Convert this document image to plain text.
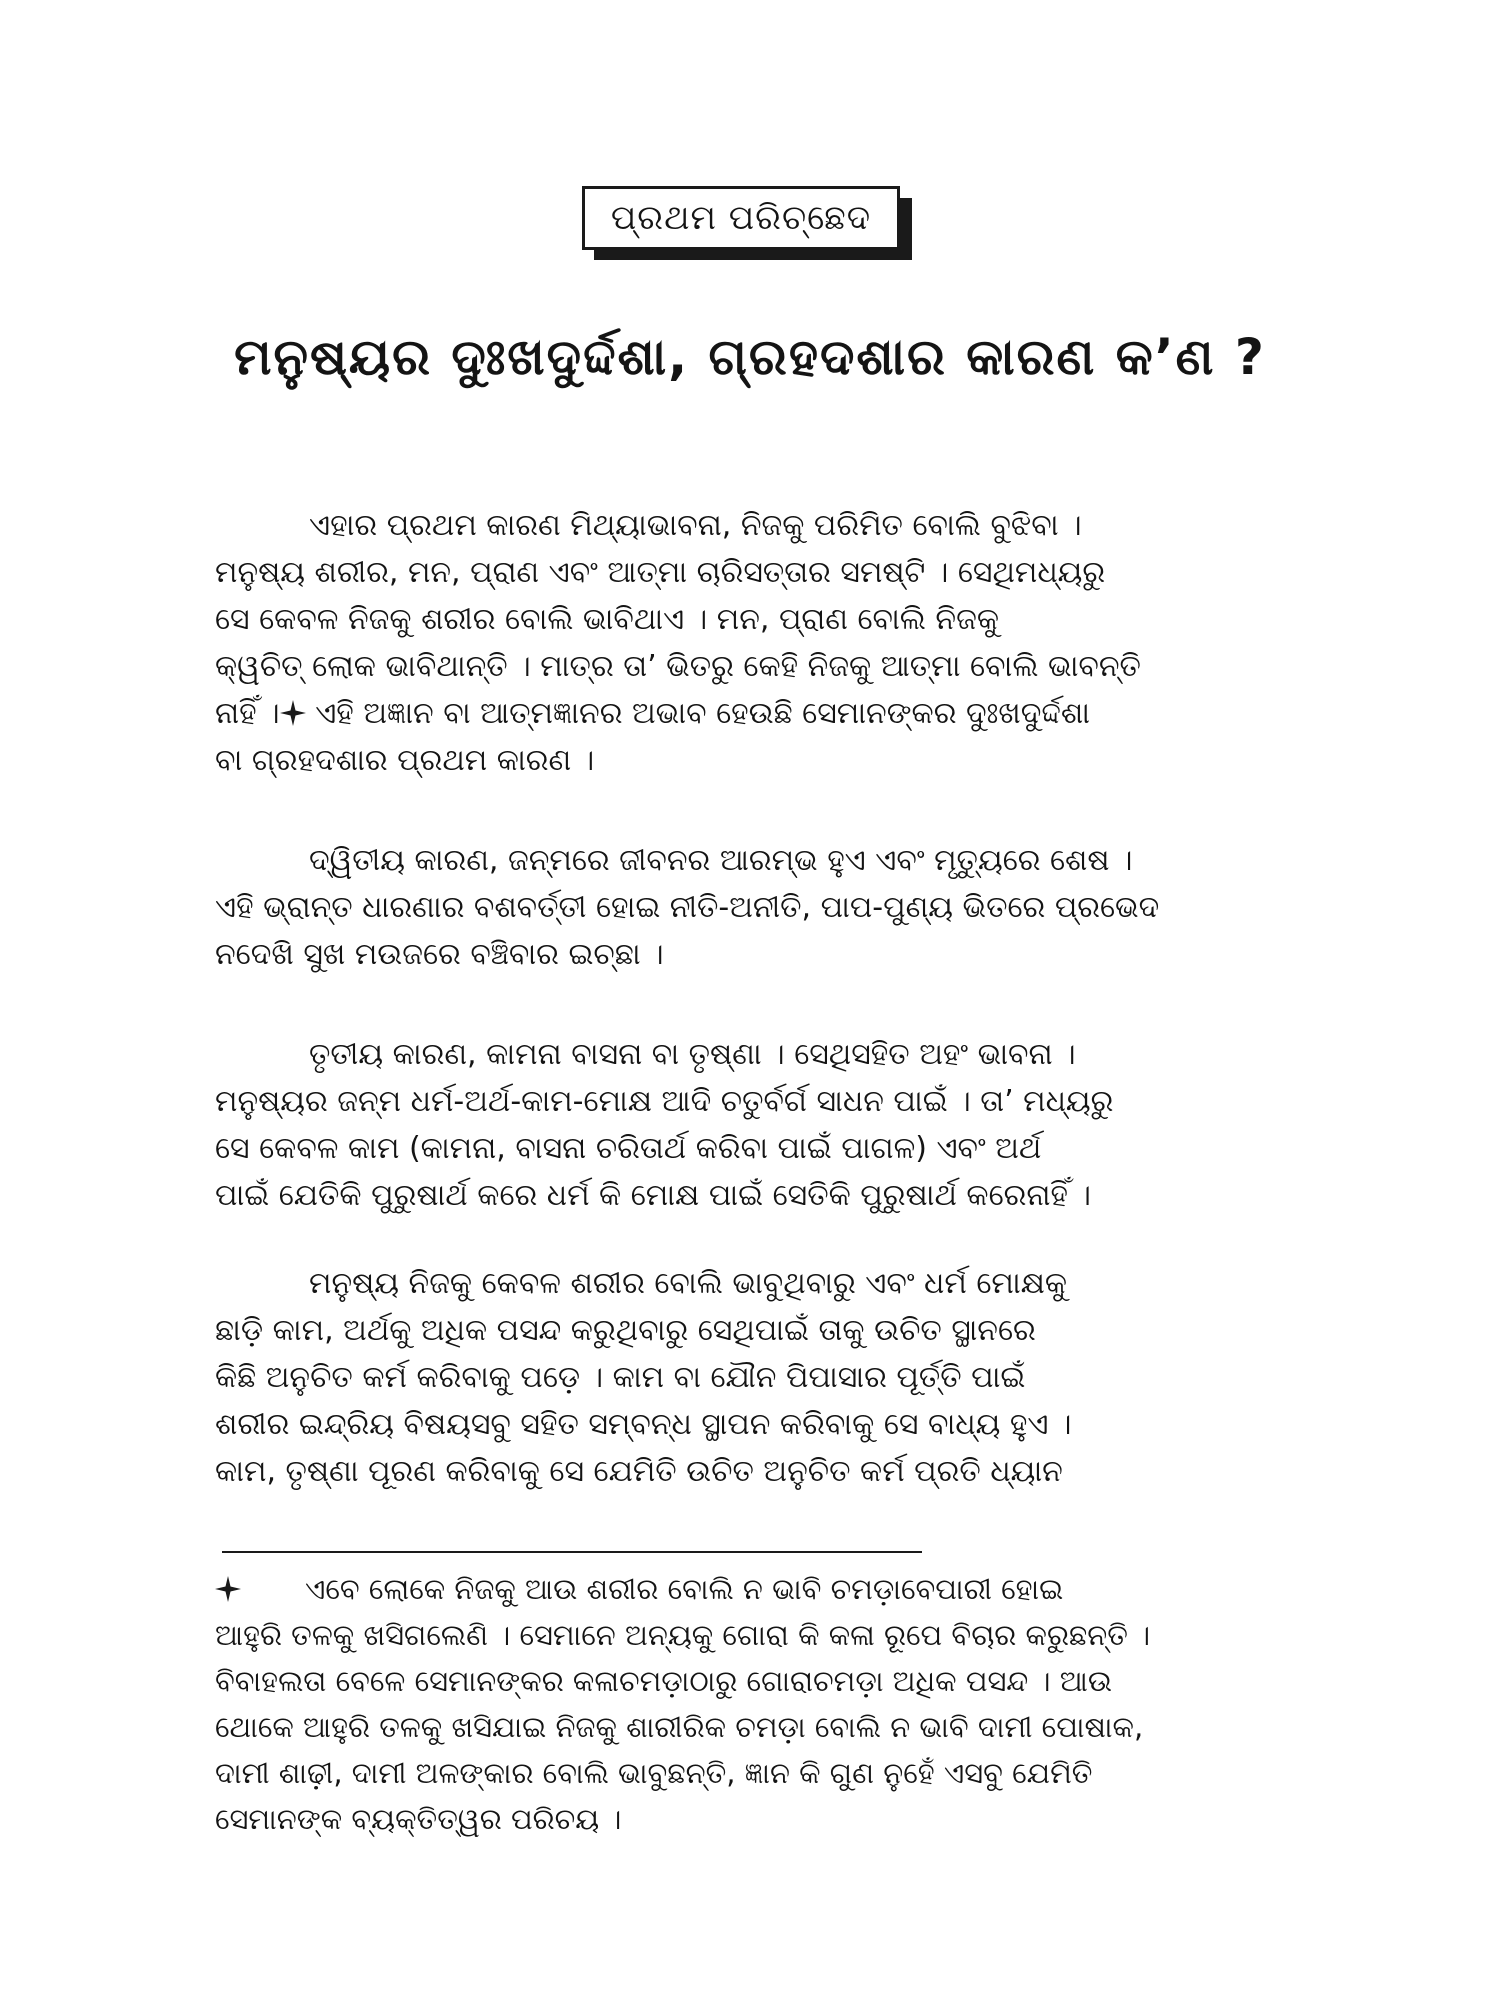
ପ୍ରଥମ ପରିଚ୍ଛେଦ
ମନୁଷ୍ୟର ଦୁଃଖଦୁର୍ଦ୍ଦଶା, ଗ୍ରହଦଶାର କାରଣ କ’ଣ ?

ଏହାର ପ୍ରଥମ କାରଣ ମିଥ୍ୟାଭାବନା, ନିଜକୁ ପରିମିତ ବୋଲି ବୁଝିବା ।
ମନୁଷ୍ୟ ଶରୀର, ମନ, ପ୍ରାଣ ଏବଂ ଆତ୍ମା ଚାରିସତ୍ତାର ସମଷ୍ଟି । ସେଥିମଧ୍ୟରୁ
ସେ କେବଳ ନିଜକୁ ଶରୀର ବୋଲି ଭାବିଥାଏ । ମନ, ପ୍ରାଣ ବୋଲି ନିଜକୁ
କ୍ୱଚିତ୍ ଲୋକ ଭାବିଥାନ୍ତି । ମାତ୍ର ତା’ ଭିତରୁ କେହି ନିଜକୁ ଆତ୍ମା ବୋଲି ଭାବନ୍ତି
ନାହିଁ । ଏହି ଅଜ୍ଞାନ ବା ଆତ୍ମଜ୍ଞାନର ଅଭାବ ହେଉଛି ସେମାନଙ୍କର ଦୁଃଖଦୁର୍ଦ୍ଦଶା
ବା ଗ୍ରହଦଶାର ପ୍ରଥମ କାରଣ ।

ଦ୍ୱିତୀୟ କାରଣ, ଜନ୍ମରେ ଜୀବନର ଆରମ୍ଭ ହୁଏ ଏବଂ ମୃତ୍ୟୁରେ ଶେଷ ।
ଏହି ଭ୍ରାନ୍ତ ଧାରଣାର ବଶବର୍ତ୍ତୀ ହୋଇ ନୀତି-ଅନୀତି, ପାପ-ପୁଣ୍ୟ ଭିତରେ ପ୍ରଭେଦ
ନଦେଖି ସୁଖ ମଉଜରେ ବଞ୍ଚିବାର ଇଚ୍ଛା ।

ତୃତୀୟ କାରଣ, କାମନା ବାସନା ବା ତୃଷ୍ଣା । ସେଥିସହିତ ଅହଂ ଭାବନା ।
ମନୁଷ୍ୟର ଜନ୍ମ ଧର୍ମ-ଅର୍ଥ-କାମ-ମୋକ୍ଷ ଆଦି ଚତୁର୍ବର୍ଗ ସାଧନ ପାଇଁ । ତା’ ମଧ୍ୟରୁ
ସେ କେବଳ କାମ (କାମନା, ବାସନା ଚରିତାର୍ଥ କରିବା ପାଇଁ ପାଗଳ) ଏବଂ ଅର୍ଥ
ପାଇଁ ଯେତିକି ପୁରୁଷାର୍ଥ କରେ ଧର୍ମ କି ମୋକ୍ଷ ପାଇଁ ସେତିକି ପୁରୁଷାର୍ଥ କରେନାହିଁ ।

ମନୁଷ୍ୟ ନିଜକୁ କେବଳ ଶରୀର ବୋଲି ଭାବୁଥିବାରୁ ଏବଂ ଧର୍ମ ମୋକ୍ଷକୁ
ଛାଡ଼ି କାମ, ଅର୍ଥକୁ ଅଧିକ ପସନ୍ଦ କରୁଥିବାରୁ ସେଥିପାଇଁ ତାକୁ ଉଚିତ ସ୍ଥାନରେ
କିଛି ଅନୁଚିତ କର୍ମ କରିବାକୁ ପଡ଼େ । କାମ ବା ଯୌନ ପିପାସାର ପୂର୍ତ୍ତି ପାଇଁ
ଶରୀର ଇନ୍ଦ୍ରିୟ ବିଷୟସବୁ ସହିତ ସମ୍ବନ୍ଧ ସ୍ଥାପନ କରିବାକୁ ସେ ବାଧ୍ୟ ହୁଏ ।
କାମ, ତୃଷ୍ଣା ପୂରଣ କରିବାକୁ ସେ ଯେମିତି ଉଚିତ ଅନୁଚିତ କର୍ମ ପ୍ରତି ଧ୍ୟାନ

ଏବେ ଲୋକେ ନିଜକୁ ଆଉ ଶରୀର ବୋଲି ନ ଭାବି ଚମଡ଼ାବେପାରୀ ହୋଇ
ଆହୁରି ତଳକୁ ଖସିଗଲେଣି । ସେମାନେ ଅନ୍ୟକୁ ଗୋରା କି କଳା ରୂପେ ବିଚାର କରୁଛନ୍ତି ।
ବିବାହଲତା ବେଳେ ସେମାନଙ୍କର କଳାଚମଡ଼ାଠାରୁ ଗୋରାଚମଡ଼ା ଅଧିକ ପସନ୍ଦ । ଆଉ
ଥୋକେ ଆହୁରି ତଳକୁ ଖସିଯାଇ ନିଜକୁ ଶାରୀରିକ ଚମଡ଼ା ବୋଲି ନ ଭାବି ଦାମୀ ପୋଷାକ,
ଦାମୀ ଶାଢ଼ୀ, ଦାମୀ ଅଳଙ୍କାର ବୋଲି ଭାବୁଛନ୍ତି, ଜ୍ଞାନ କି ଗୁଣ ନୁହେଁ ଏସବୁ ଯେମିତି
ସେମାନଙ୍କ ବ୍ୟକ୍ତିତ୍ୱର ପରିଚୟ ।
